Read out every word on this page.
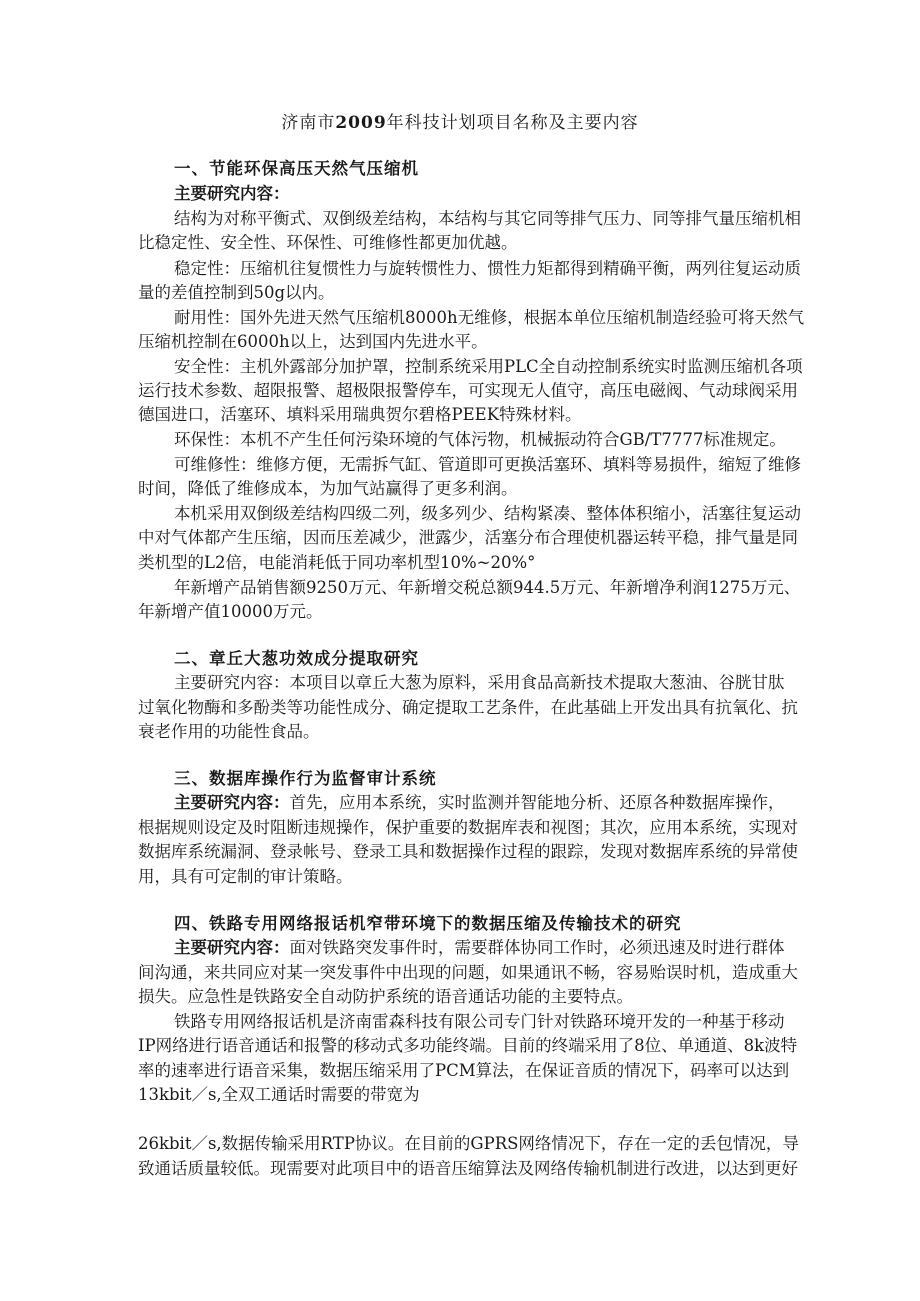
济南市2009年科技计划项目名称及主要内容
一、节能环保高压天然气压缩机
主要研究内容：
结构为对称平衡式、双倒级差结构，本结构与其它同等排气压力、同等排气量压缩机相
比稳定性、安全性、环保性、可维修性都更加优越。
稳定性：压缩机往复惯性力与旋转惯性力、惯性力矩都得到精确平衡，两列往复运动质
量的差值控制到50g以内。
耐用性：国外先进天然气压缩机8000h无维修，根据本单位压缩机制造经验可将天然气
压缩机控制在6000h以上，达到国内先进水平。
安全性：主机外露部分加护罩，控制系统采用PLC全自动控制系统实时监测压缩机各项
运行技术参数、超限报警、超极限报警停车，可实现无人值守，高压电磁阀、气动球阀采用
德国进口，活塞环、填料采用瑞典贺尔碧格PEEK特殊材料。
环保性：本机不产生任何污染环境的气体污物，机械振动符合GB/T7777标准规定。
可维修性：维修方便，无需拆气缸、管道即可更换活塞环、填料等易损件，缩短了维修
时间，降低了维修成本，为加气站赢得了更多利润。
本机采用双倒级差结构四级二列，级多列少、结构紧凑、整体体积缩小，活塞往复运动
中对气体都产生压缩，因而压差减少，泄露少，活塞分布合理使机器运转平稳，排气量是同
类机型的L2倍，电能消耗低于同功率机型10%~20%°
年新增产品销售额9250万元、年新增交税总额944.5万元、年新增净利润1275万元、
年新增产值10000万元。
二、章丘大葱功效成分提取研究
主要研究内容：本项目以章丘大葱为原料，采用食品高新技术提取大葱油、谷胱甘肽
过氧化物酶和多酚类等功能性成分、确定提取工艺条件，在此基础上开发出具有抗氧化、抗
衰老作用的功能性食品。
三、数据库操作行为监督审计系统
主要研究内容：首先，应用本系统，实时监测并智能地分析、还原各种数据库操作，
根据规则设定及时阻断违规操作，保护重要的数据库表和视图；其次，应用本系统，实现对
数据库系统漏洞、登录帐号、登录工具和数据操作过程的跟踪，发现对数据库系统的异常使
用，具有可定制的审计策略。
四、铁路专用网络报话机窄带环境下的数据压缩及传输技术的研究
主要研究内容：面对铁路突发事件时，需要群体协同工作时，必须迅速及时进行群体
间沟通，来共同应对某一突发事件中出现的问题，如果通讯不畅，容易贻误时机，造成重大
损失。应急性是铁路安全自动防护系统的语音通话功能的主要特点。
铁路专用网络报话机是济南雷森科技有限公司专门针对铁路环境开发的一种基于移动
IP网络进行语音通话和报警的移动式多功能终端。目前的终端采用了8位、单通道、8k波特
率的速率进行语音采集，数据压缩采用了PCM算法，在保证音质的情况下，码率可以达到
13kbit／s,全双工通话时需要的带宽为
26kbit／s,数据传输采用RTP协议。在目前的GPRS网络情况下，存在一定的丢包情况，导
致通话质量较低。现需要对此项目中的语音压缩算法及网络传输机制进行改进，以达到更好
